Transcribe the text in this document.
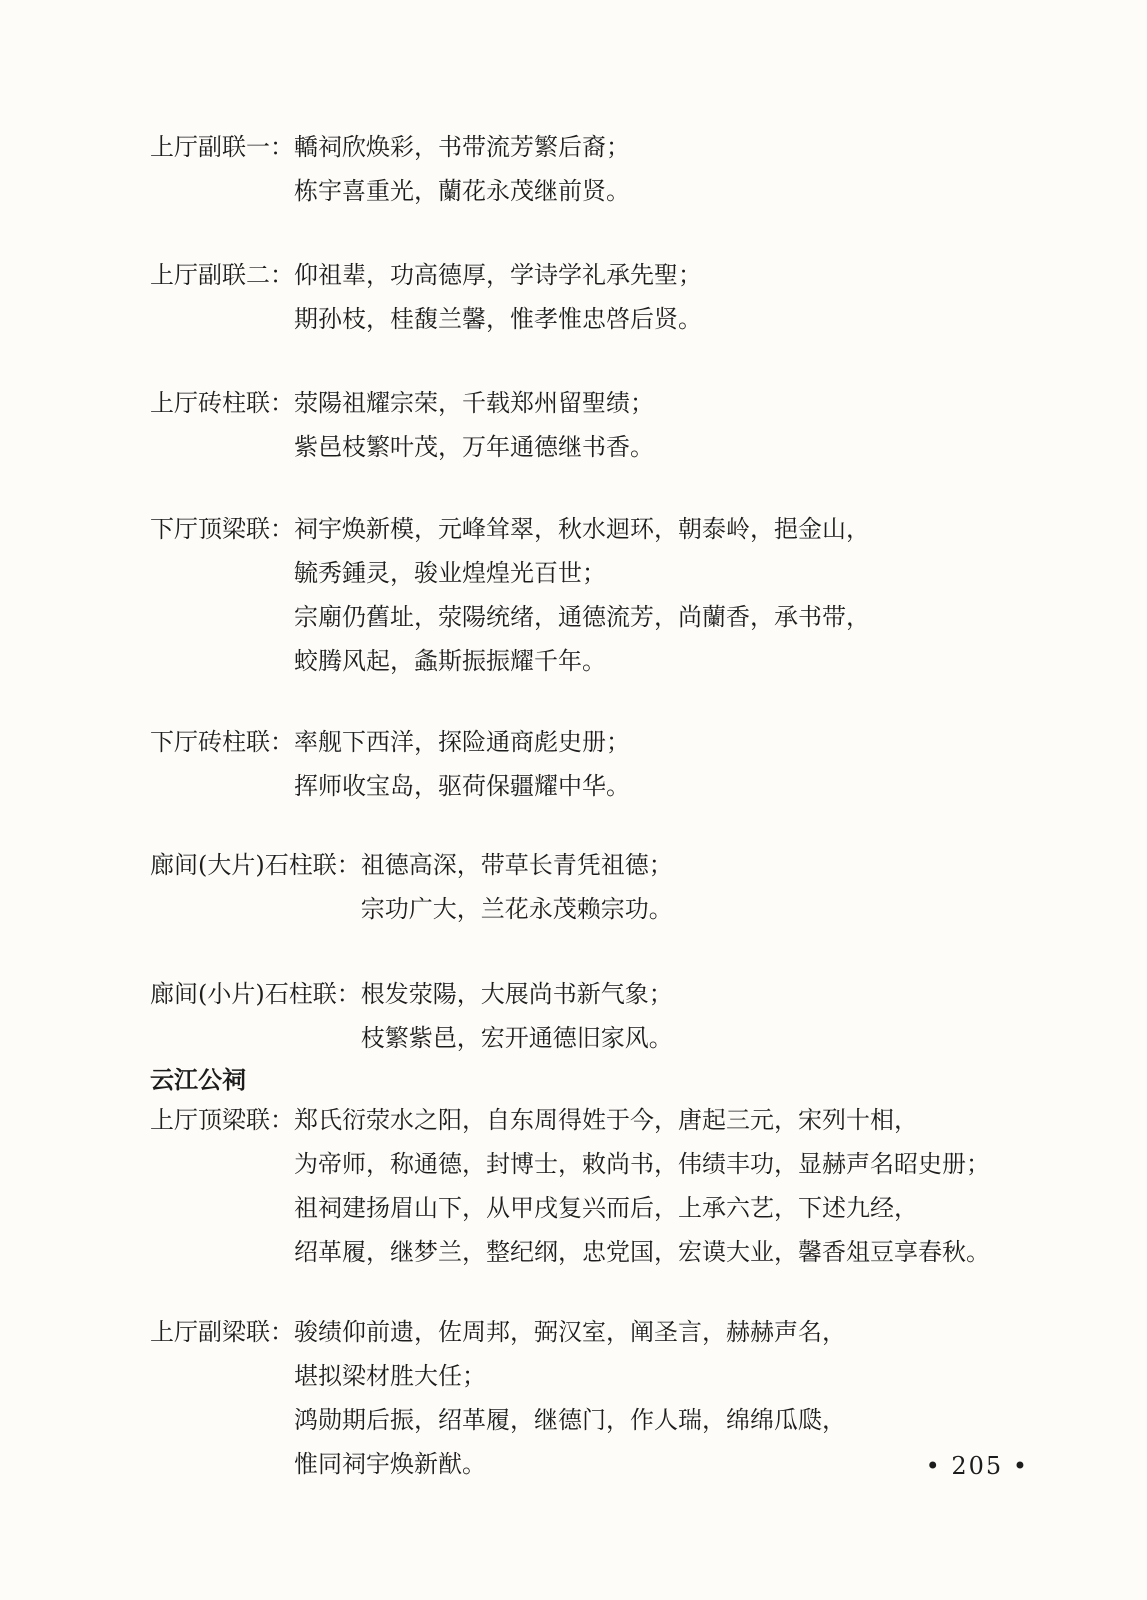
上厅副联一： 轎祠欣焕彩，书带流芳繁后裔；
栋宇喜重光，蘭花永茂继前贤。
上厅副联二： 仰祖辈，功高德厚，学诗学礼承先聖；
期孙枝，桂馥兰馨，惟孝惟忠啓后贤。
上厅砖柱联： 荥陽祖耀宗荣，千载郑州留聖绩；
紫邑枝繁叶茂，万年通德继书香。
下厅顶梁联： 祠宇焕新模，元峰耸翠，秋水迴环，朝泰岭，挹金山，
毓秀鍾灵，骏业煌煌光百世；
宗廟仍舊址，荥陽统绪，通德流芳，尚蘭香，承书带，
蛟腾风起，螽斯振振耀千年。
下厅砖柱联： 率舰下西洋，探险通商彪史册；
挥师收宝岛，驱荷保疆耀中华。
廊间(大片)石柱联： 祖德高深，带草长青凭祖德；
宗功广大，兰花永茂赖宗功。
廊间(小片)石柱联： 根发荥陽，大展尚书新气象；
枝繁紫邑，宏开通德旧家风。
云江公祠
上厅顶梁联： 郑氏衍荥水之阳，自东周得姓于今，唐起三元，宋列十相，
为帝师，称通德，封博士，敕尚书，伟绩丰功，显赫声名昭史册；
祖祠建扬眉山下，从甲戌复兴而后，上承六艺，下述九经，
绍革履，继梦兰，整纪纲，忠党国，宏谟大业，馨香俎豆享春秋。
上厅副梁联： 骏绩仰前遗，佐周邦，弼汉室，阐圣言，赫赫声名，
堪拟梁材胜大任；
鸿勋期后振，绍革履，继德门，作人瑞，绵绵瓜瓞，
惟同祠宇焕新猷。	• 205 •
